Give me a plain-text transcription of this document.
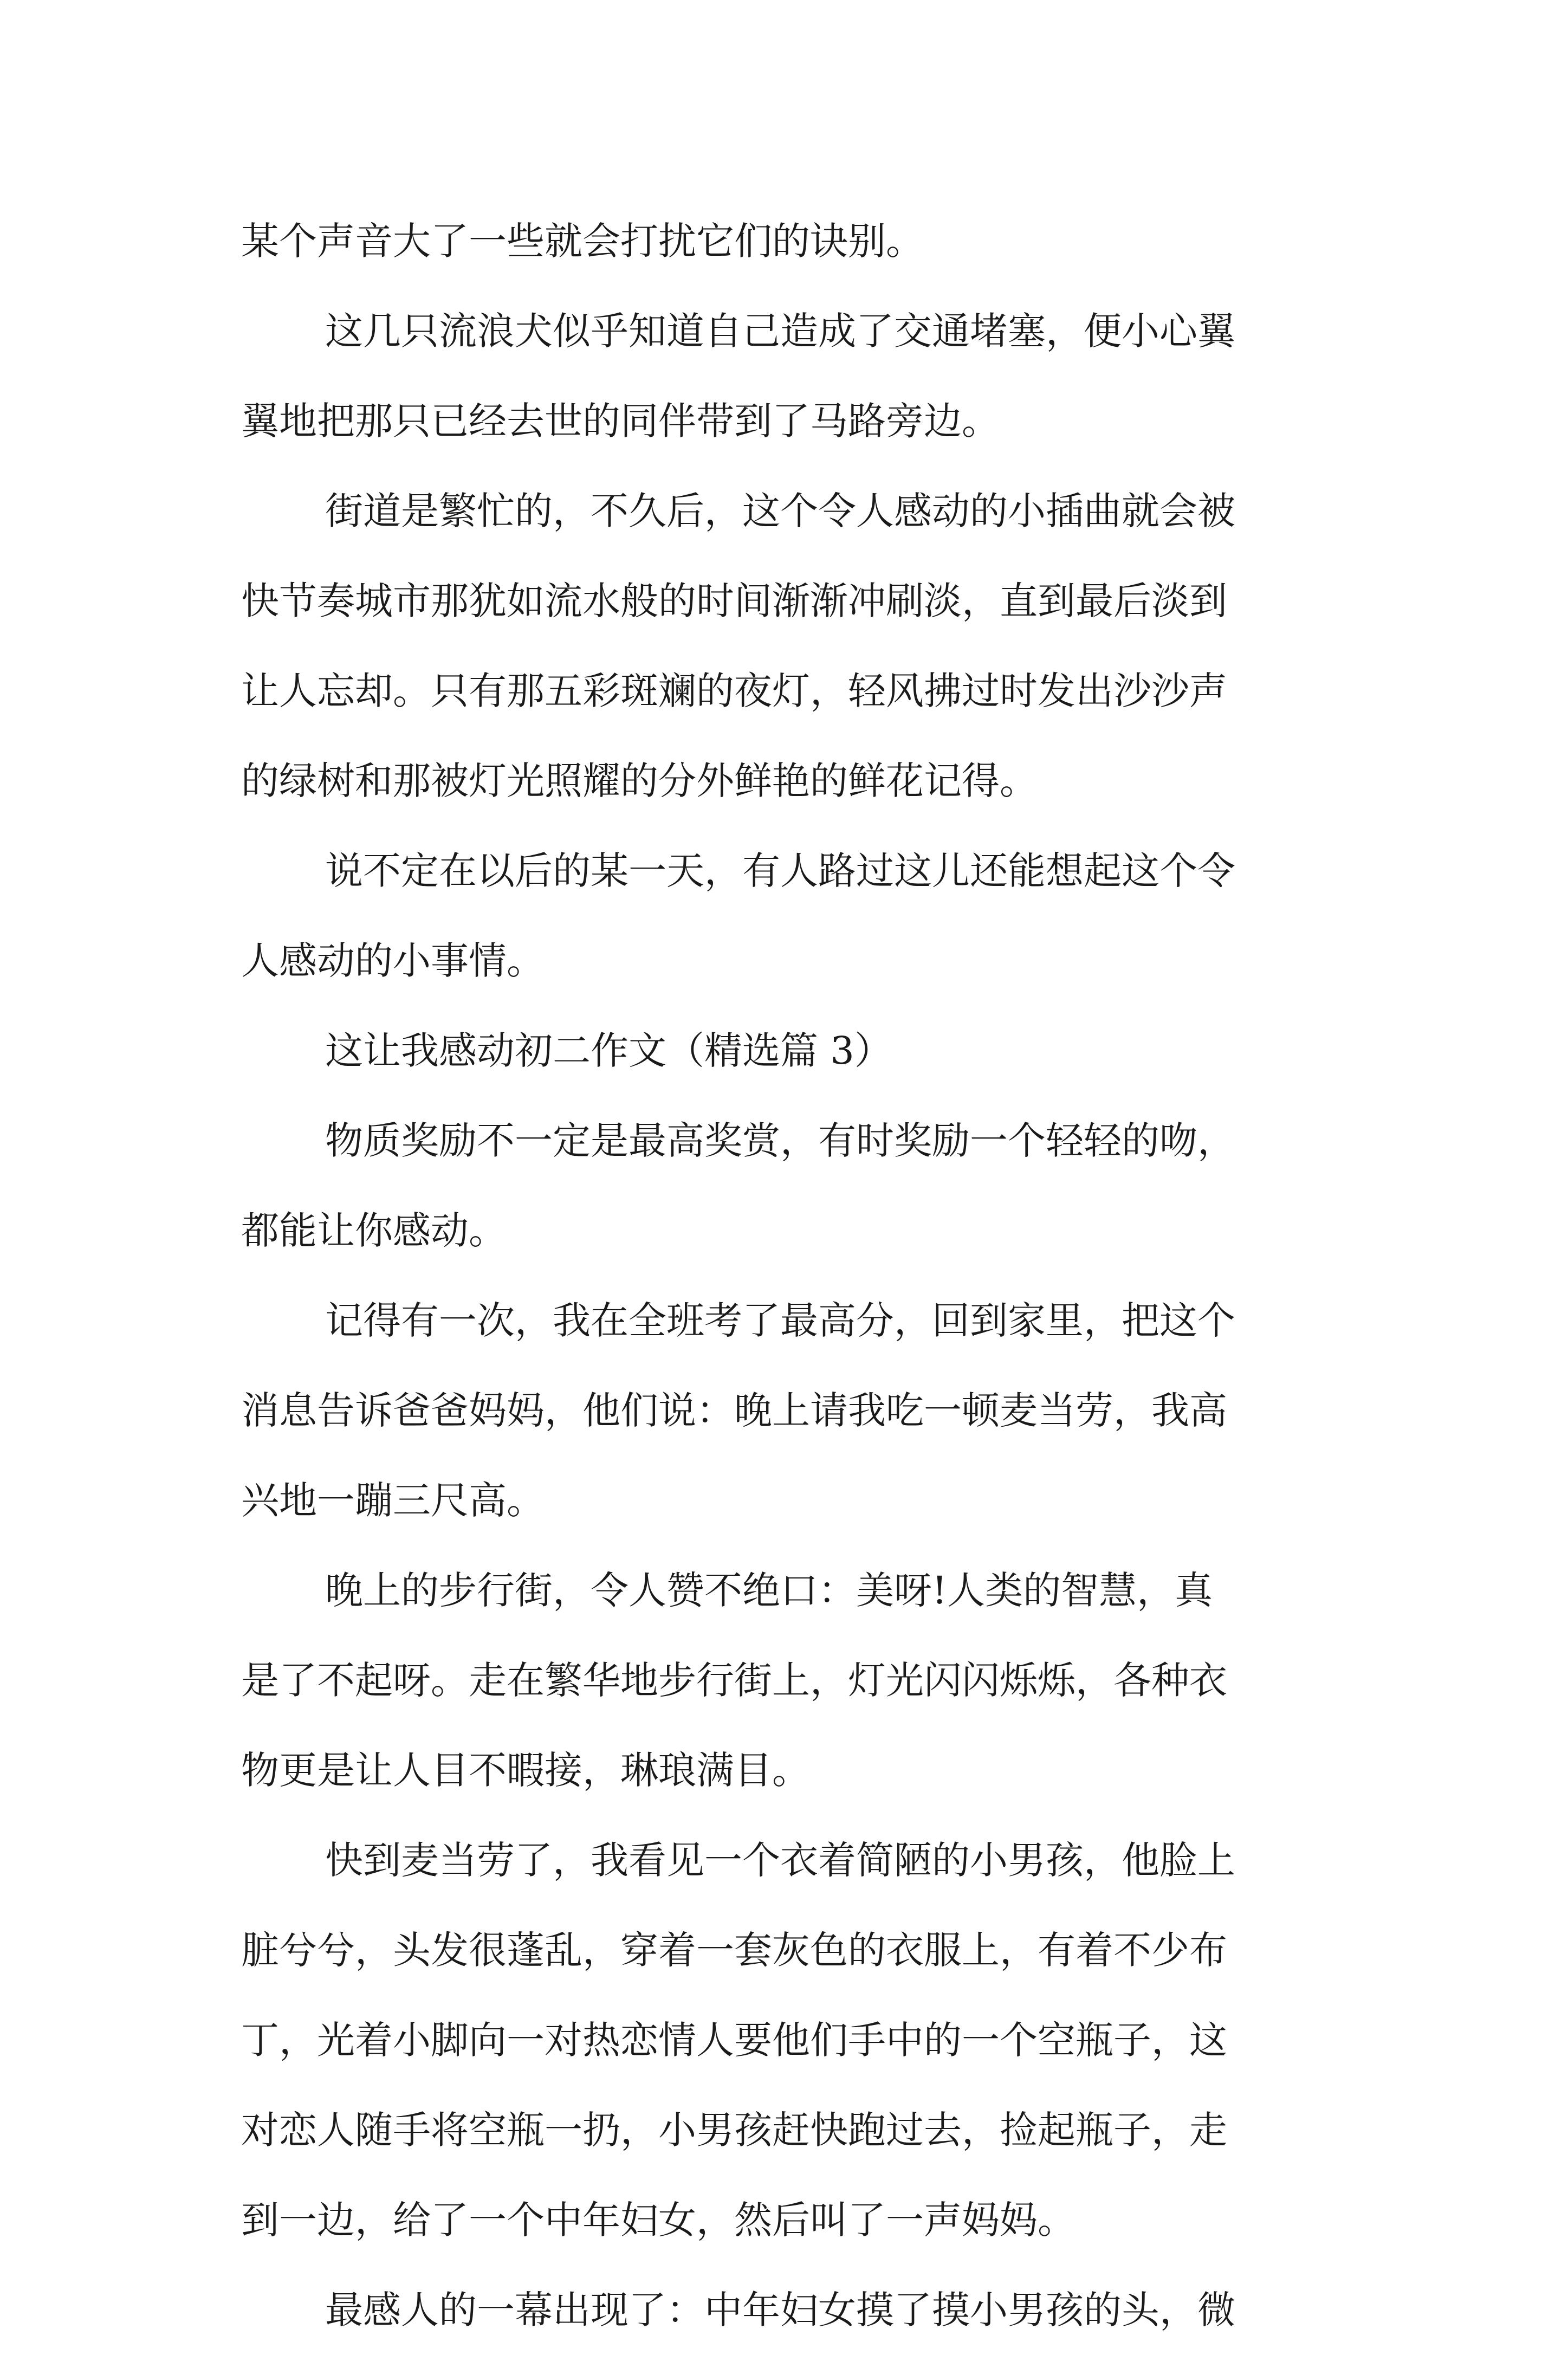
某个声音大了一些就会打扰它们的诀别。
这几只流浪犬似乎知道自己造成了交通堵塞，便小心翼
翼地把那只已经去世的同伴带到了马路旁边。
街道是繁忙的，不久后，这个令人感动的小插曲就会被
快节奏城市那犹如流水般的时间渐渐冲刷淡，直到最后淡到
让人忘却。只有那五彩斑斓的夜灯，轻风拂过时发出沙沙声
的绿树和那被灯光照耀的分外鲜艳的鲜花记得。
说不定在以后的某一天，有人路过这儿还能想起这个令
人感动的小事情。
这让我感动初二作文（精选篇 3）
物质奖励不一定是最高奖赏，有时奖励一个轻轻的吻，
都能让你感动。
记得有一次，我在全班考了最高分，回到家里，把这个
消息告诉爸爸妈妈，他们说：晚上请我吃一顿麦当劳，我高
兴地一蹦三尺高。
晚上的步行街，令人赞不绝口：美呀!人类的智慧，真
是了不起呀。走在繁华地步行街上，灯光闪闪烁烁，各种衣
物更是让人目不暇接，琳琅满目。
快到麦当劳了，我看见一个衣着简陋的小男孩，他脸上
脏兮兮，头发很蓬乱，穿着一套灰色的衣服上，有着不少布
丁，光着小脚向一对热恋情人要他们手中的一个空瓶子，这
对恋人随手将空瓶一扔，小男孩赶快跑过去，捡起瓶子，走
到一边，给了一个中年妇女，然后叫了一声妈妈。
最感人的一幕出现了：中年妇女摸了摸小男孩的头，微
